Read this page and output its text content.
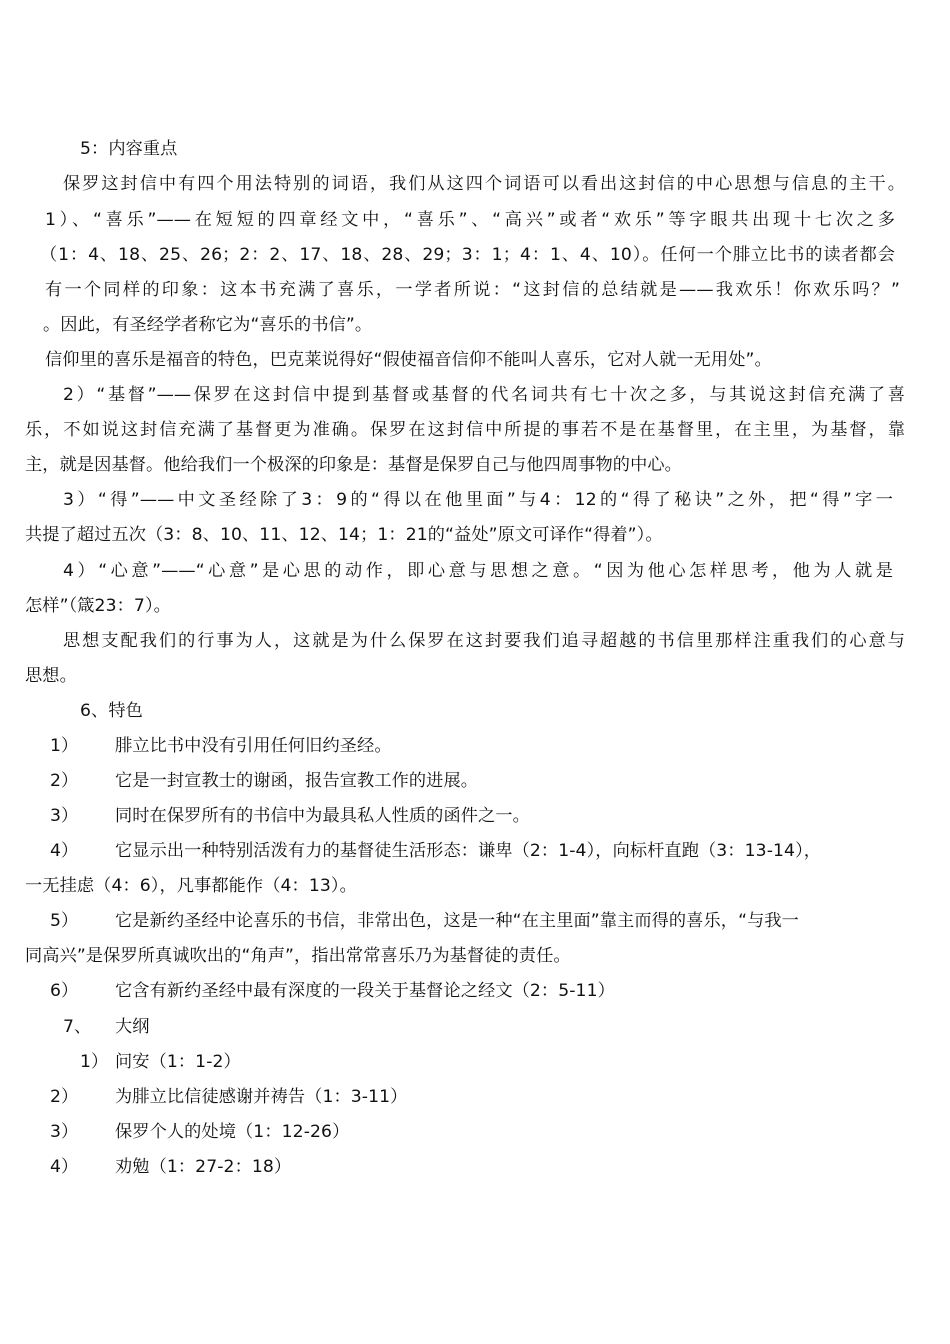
5：内容重点
保罗这封信中有四个用法特别的词语，我们从这四个词语可以看出这封信的中心思想与信息的主干。
1）、“喜乐”——在短短的四章经文中，“喜乐”、“高兴”或者“欢乐”等字眼共出现十七次之多
（1：4、18、25、26；2：2、17、18、28、29；3：1；4：1、4、10）。任何一个腓立比书的读者都会
有一个同样的印象：这本书充满了喜乐，一学者所说：“这封信的总结就是——我欢乐！你欢乐吗？”
。因此，有圣经学者称它为“喜乐的书信”。
信仰里的喜乐是福音的特色，巴克莱说得好“假使福音信仰不能叫人喜乐，它对人就一无用处”。
2）“基督”——保罗在这封信中提到基督或基督的代名词共有七十次之多，与其说这封信充满了喜
乐，不如说这封信充满了基督更为准确。保罗在这封信中所提的事若不是在基督里，在主里，为基督，靠
主，就是因基督。他给我们一个极深的印象是：基督是保罗自己与他四周事物的中心。
3）“得”——中文圣经除了3：9的“得以在他里面”与4：12的“得了秘诀”之外，把“得”字一
共提了超过五次（3：8、10、11、12、14；1：21的“益处”原文可译作“得着”）。
4）“心意”——“心意”是心思的动作，即心意与思想之意。“因为他心怎样思考，他为人就是
怎样”（箴23：7）。
思想支配我们的行事为人，这就是为什么保罗在这封要我们追寻超越的书信里那样注重我们的心意与
思想。
6、特色
1） 腓立比书中没有引用任何旧约圣经。
2） 它是一封宣教士的谢函，报告宣教工作的进展。
3） 同时在保罗所有的书信中为最具私人性质的函件之一。
4） 它显示出一种特别活泼有力的基督徒生活形态：谦卑（2：1-4），向标杆直跑（3：13-14），
一无挂虑（4：6），凡事都能作（4：13）。
5） 它是新约圣经中论喜乐的书信，非常出色，这是一种“在主里面”靠主而得的喜乐，“与我一
同高兴”是保罗所真诚吹出的“角声”，指出常常喜乐乃为基督徒的责任。
6） 它含有新约圣经中最有深度的一段关于基督论之经文（2：5-11）
7、 大纲
1） 问安（1：1-2）
2） 为腓立比信徒感谢并祷告（1：3-11）
3） 保罗个人的处境（1：12-26）
4） 劝勉（1：27-2：18）
